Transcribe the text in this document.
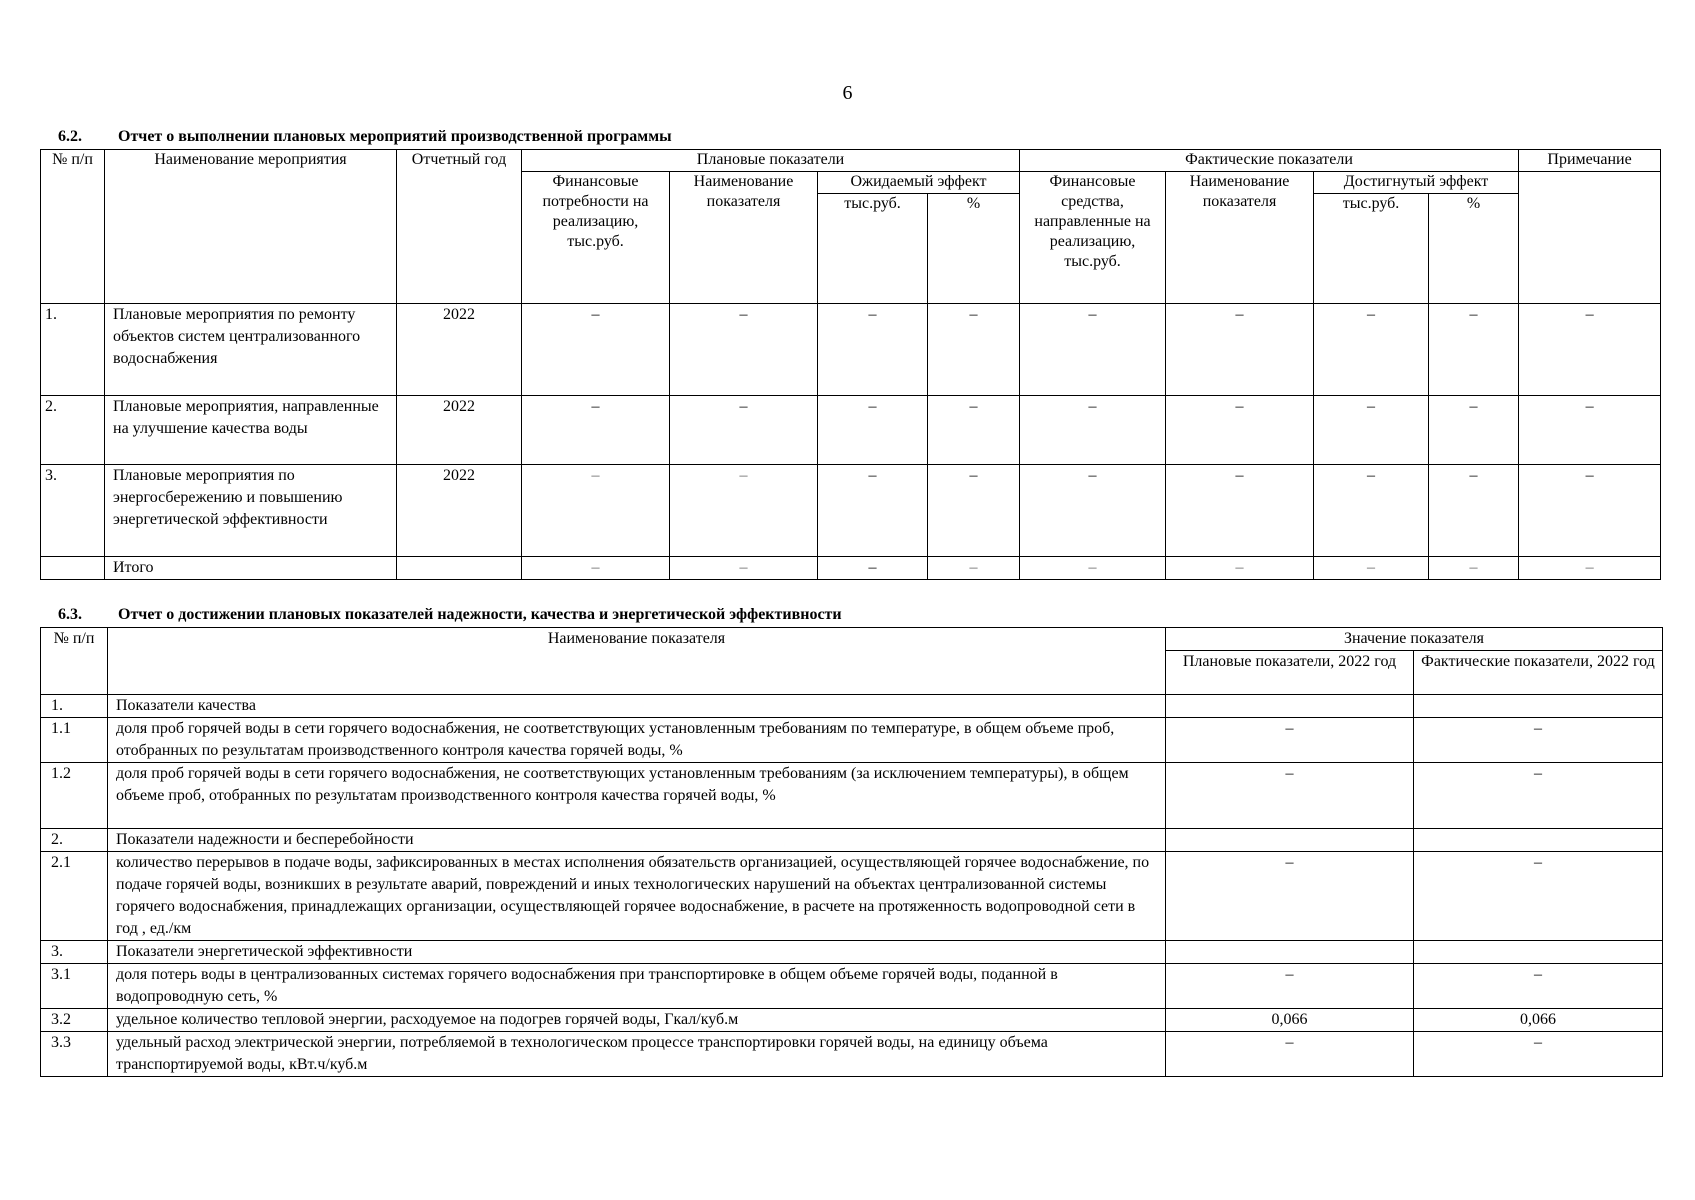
6
6.2. Отчет о выполнении плановых мероприятий производственной программы
№ п/п	Наименование мероприятия	Отчетный год	Плановые показатели				Фактические показатели				Примечание
			Финансовые потребности на реализацию, тыс.руб.	Наименование показателя	Ожидаемый эффект		Финансовые средства, направленные на реализацию, тыс.руб.	Наименование показателя	Достигнутый эффект		
					тыс.руб.	%			тыс.руб.	%	
1.	Плановые мероприятия по ремонту объектов систем централизованного водоснабжения	2022	–	–	–	–	–	–	–	–	–
2.	Плановые мероприятия, направленные на улучшение качества воды	2022	–	–	–	–	–	–	–	–	–
3.	Плановые мероприятия по энергосбережению и повышению энергетической эффективности	2022	–	–	–	–	–	–	–	–	–
	Итого		–	–	–	–	–	–	–	–	–
6.3. Отчет о достижении плановых показателей надежности, качества и энергетической эффективности
№ п/п	Наименование показателя	Значение показателя	
		Плановые показатели, 2022 год	Фактические показатели, 2022 год
1.	Показатели качества		
1.1	доля проб горячей воды в сети горячего водоснабжения, не соответствующих установленным требованиям по температуре, в общем объеме проб, отобранных по результатам производственного контроля качества горячей воды, %	–	–
1.2	доля проб горячей воды в сети горячего водоснабжения, не соответствующих установленным требованиям (за исключением температуры), в общем объеме проб, отобранных по результатам производственного контроля качества горячей воды, %	–	–
2.	Показатели надежности и бесперебойности		
2.1	количество перерывов в подаче воды, зафиксированных в местах исполнения обязательств организацией, осуществляющей горячее водоснабжение, по подаче горячей воды, возникших в результате аварий, повреждений и иных технологических нарушений на объектах централизованной системы горячего водоснабжения, принадлежащих организации, осуществляющей горячее водоснабжение, в расчете на протяженность водопроводной сети в год , ед./км	–	–
3.	Показатели энергетической эффективности		
3.1	доля потерь воды в централизованных системах горячего водоснабжения при транспортировке в общем объеме горячей воды, поданной в водопроводную сеть, %	–	–
3.2	удельное количество тепловой энергии, расходуемое на подогрев горячей воды, Гкал/куб.м	0,066	0,066
3.3	удельный расход электрической энергии, потребляемой в технологическом процессе транспортировки горячей воды, на единицу объема транспортируемой воды, кВт.ч/куб.м	–	–
